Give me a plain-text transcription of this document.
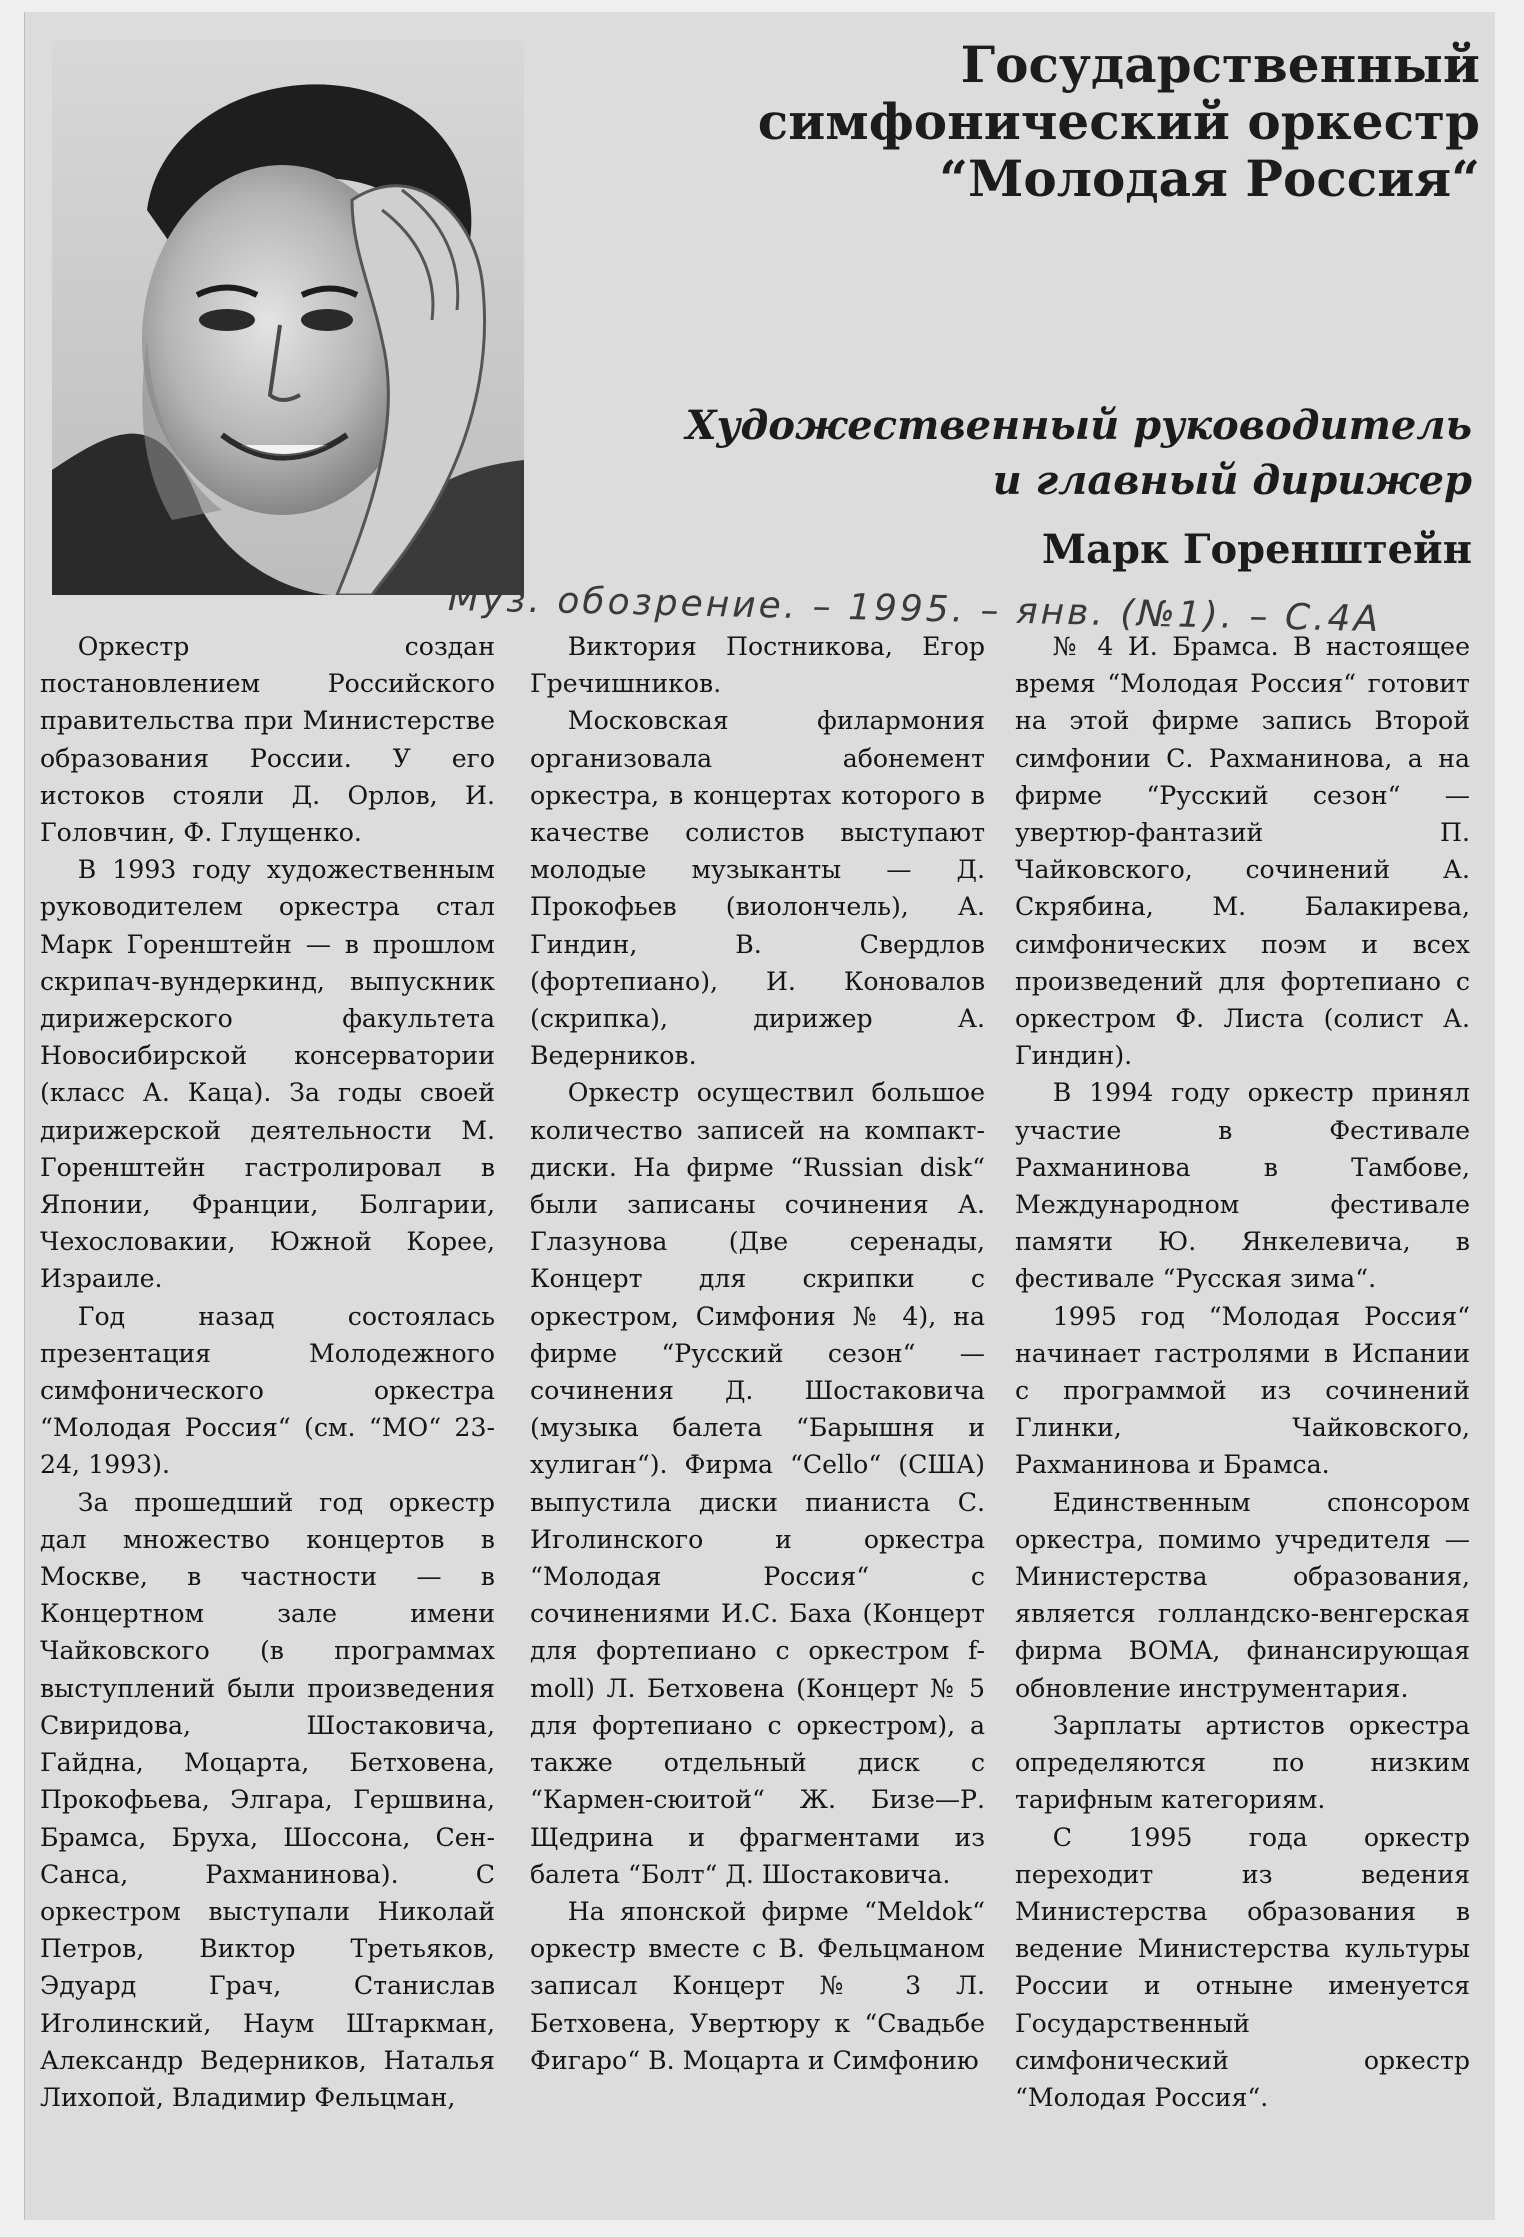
Государственный
симфонический оркестр
“Молодая Россия“
Художественный руководитель
и главный дирижер
Марк Горенштейн
Муз. обозрение. – 1995. – янв. (№1). – С.4А

Оркестр создан постановлением Российского правительства при Министерстве образования России. У его истоков стояли Д. Орлов, И. Головчин, Ф. Глущенко.

В 1993 году художественным руководителем оркестра стал Марк Горенштейн — в прошлом скрипач-вундеркинд, выпускник дирижерского факультета Новосибирской консерватории (класс А. Каца). За годы своей дирижерской деятельности М. Горенштейн гастролировал в Японии, Франции, Болгарии, Чехословакии, Южной Корее, Израиле.

Год назад состоялась презентация Молодежного симфонического оркестра “Молодая Россия“ (см. “МО“ 23-24, 1993).

За прошедший год оркестр дал множество концертов в Москве, в частности — в Концертном зале имени Чайковского (в программах выступлений были произведения Свиридова, Шостаковича, Гайдна, Моцарта, Бетховена, Прокофьева, Элгара, Гершвина, Брамса, Бруха, Шоссона, Сен-Санса, Рахманинова). С оркестром выступали Николай Петров, Виктор Третьяков, Эдуард Грач, Станислав Иголинский, Наум Штаркман, Александр Ведерников, Наталья Лихопой, Владимир Фельцман,

Виктория Постникова, Егор Гречишников.

Московская филармония организовала абонемент оркестра, в концертах которого в качестве солистов выступают молодые музыканты — Д. Прокофьев (виолончель), А. Гиндин, В. Свердлов (фортепиано), И. Коновалов (скрипка), дирижер А. Ведерников.

Оркестр осуществил большое количество записей на компакт-диски. На фирме “Russian disk“ были записаны сочинения А. Глазунова (Две серенады, Концерт для скрипки с оркестром, Симфония № 4), на фирме “Русский сезон“ — сочинения Д. Шостаковича (музыка балета “Барышня и хулиган“). Фирма “Cello“ (США) выпустила диски пианиста С. Иголинского и оркестра “Молодая Россия“ с сочинениями И.С. Баха (Концерт для фортепиано с оркестром f-moll) Л. Бетховена (Концерт № 5 для фортепиано с оркестром), а также отдельный диск с “Кармен-сюитой“ Ж. Бизе—Р. Щедрина и фрагментами из балета “Болт“ Д. Шостаковича.

На японской фирме “Meldok“ оркестр вместе с В. Фельцманом записал Концерт № 3 Л. Бетховена, Увертюру к “Свадьбе Фигаро“ В. Моцарта и Симфонию

№ 4 И. Брамса. В настоящее время “Молодая Россия“ готовит на этой фирме запись Второй симфонии С. Рахманинова, а на фирме “Русский сезон“ — увертюр-фантазий П. Чайковского, сочинений А. Скрябина, М. Балакирева, симфонических поэм и всех произведений для фортепиано с оркестром Ф. Листа (солист А. Гиндин).

В 1994 году оркестр принял участие в Фестивале Рахманинова в Тамбове, Международном фестивале памяти Ю. Янкелевича, в фестивале “Русская зима“.

1995 год “Молодая Россия“ начинает гастролями в Испании с программой из сочинений Глинки, Чайковского, Рахманинова и Брамса.

Единственным спонсором оркестра, помимо учредителя — Министерства образования, является голландско-венгерская фирма BOMA, финансирующая обновление инструментария.

Зарплаты артистов оркестра определяются по низким тарифным категориям.

С 1995 года оркестр переходит из ведения Министерства образования в ведение Министерства культуры России и отныне именуется Государственный симфонический оркестр “Молодая Россия“.
